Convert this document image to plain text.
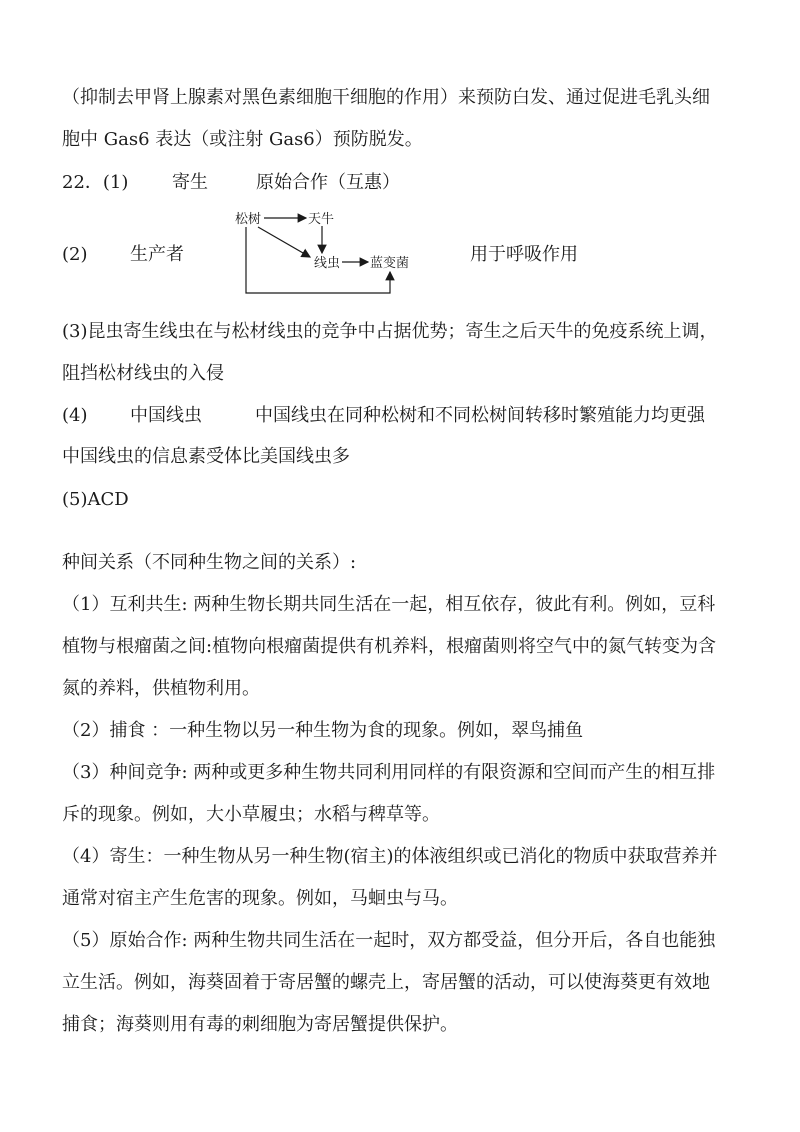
（抑制去甲肾上腺素对黑色素细胞干细胞的作用）来预防白发、通过促进毛乳头细
胞中 Gas6 表达（或注射 Gas6）预防脱发。
22．(1) 寄生	原始合作（互惠）
(2) 生产者	用于呼吸作用
松树	天牛
线虫 蓝变菌
(3)昆虫寄生线虫在与松材线虫的竞争中占据优势；寄生之后天牛的免疫系统上调，
阻挡松材线虫的入侵
(4) 中国线虫	中国线虫在同种松树和不同松树间转移时繁殖能力均更强
中国线虫的信息素受体比美国线虫多
(5)ACD
种间关系（不同种生物之间的关系）:
（1）互利共生: 两种生物长期共同生活在一起，相互依存，彼此有利。例如，豆科
植物与根瘤菌之间:植物向根瘤菌提供有机养料，根瘤菌则将空气中的氮气转变为含
氮的养料，供植物利用。
（2）捕食 ：一种生物以另一种生物为食的现象。例如，翠鸟捕鱼
（3）种间竞争: 两种或更多种生物共同利用同样的有限资源和空间而产生的相互排
斥的现象。例如，大小草履虫；水稻与稗草等。
（4）寄生：一种生物从另一种生物(宿主)的体液组织或已消化的物质中获取营养并
通常对宿主产生危害的现象。例如，马蛔虫与马。
（5）原始合作: 两种生物共同生活在一起时，双方都受益，但分开后，各自也能独
立生活。例如，海葵固着于寄居蟹的螺壳上，寄居蟹的活动，可以使海葵更有效地
捕食；海葵则用有毒的刺细胞为寄居蟹提供保护。
